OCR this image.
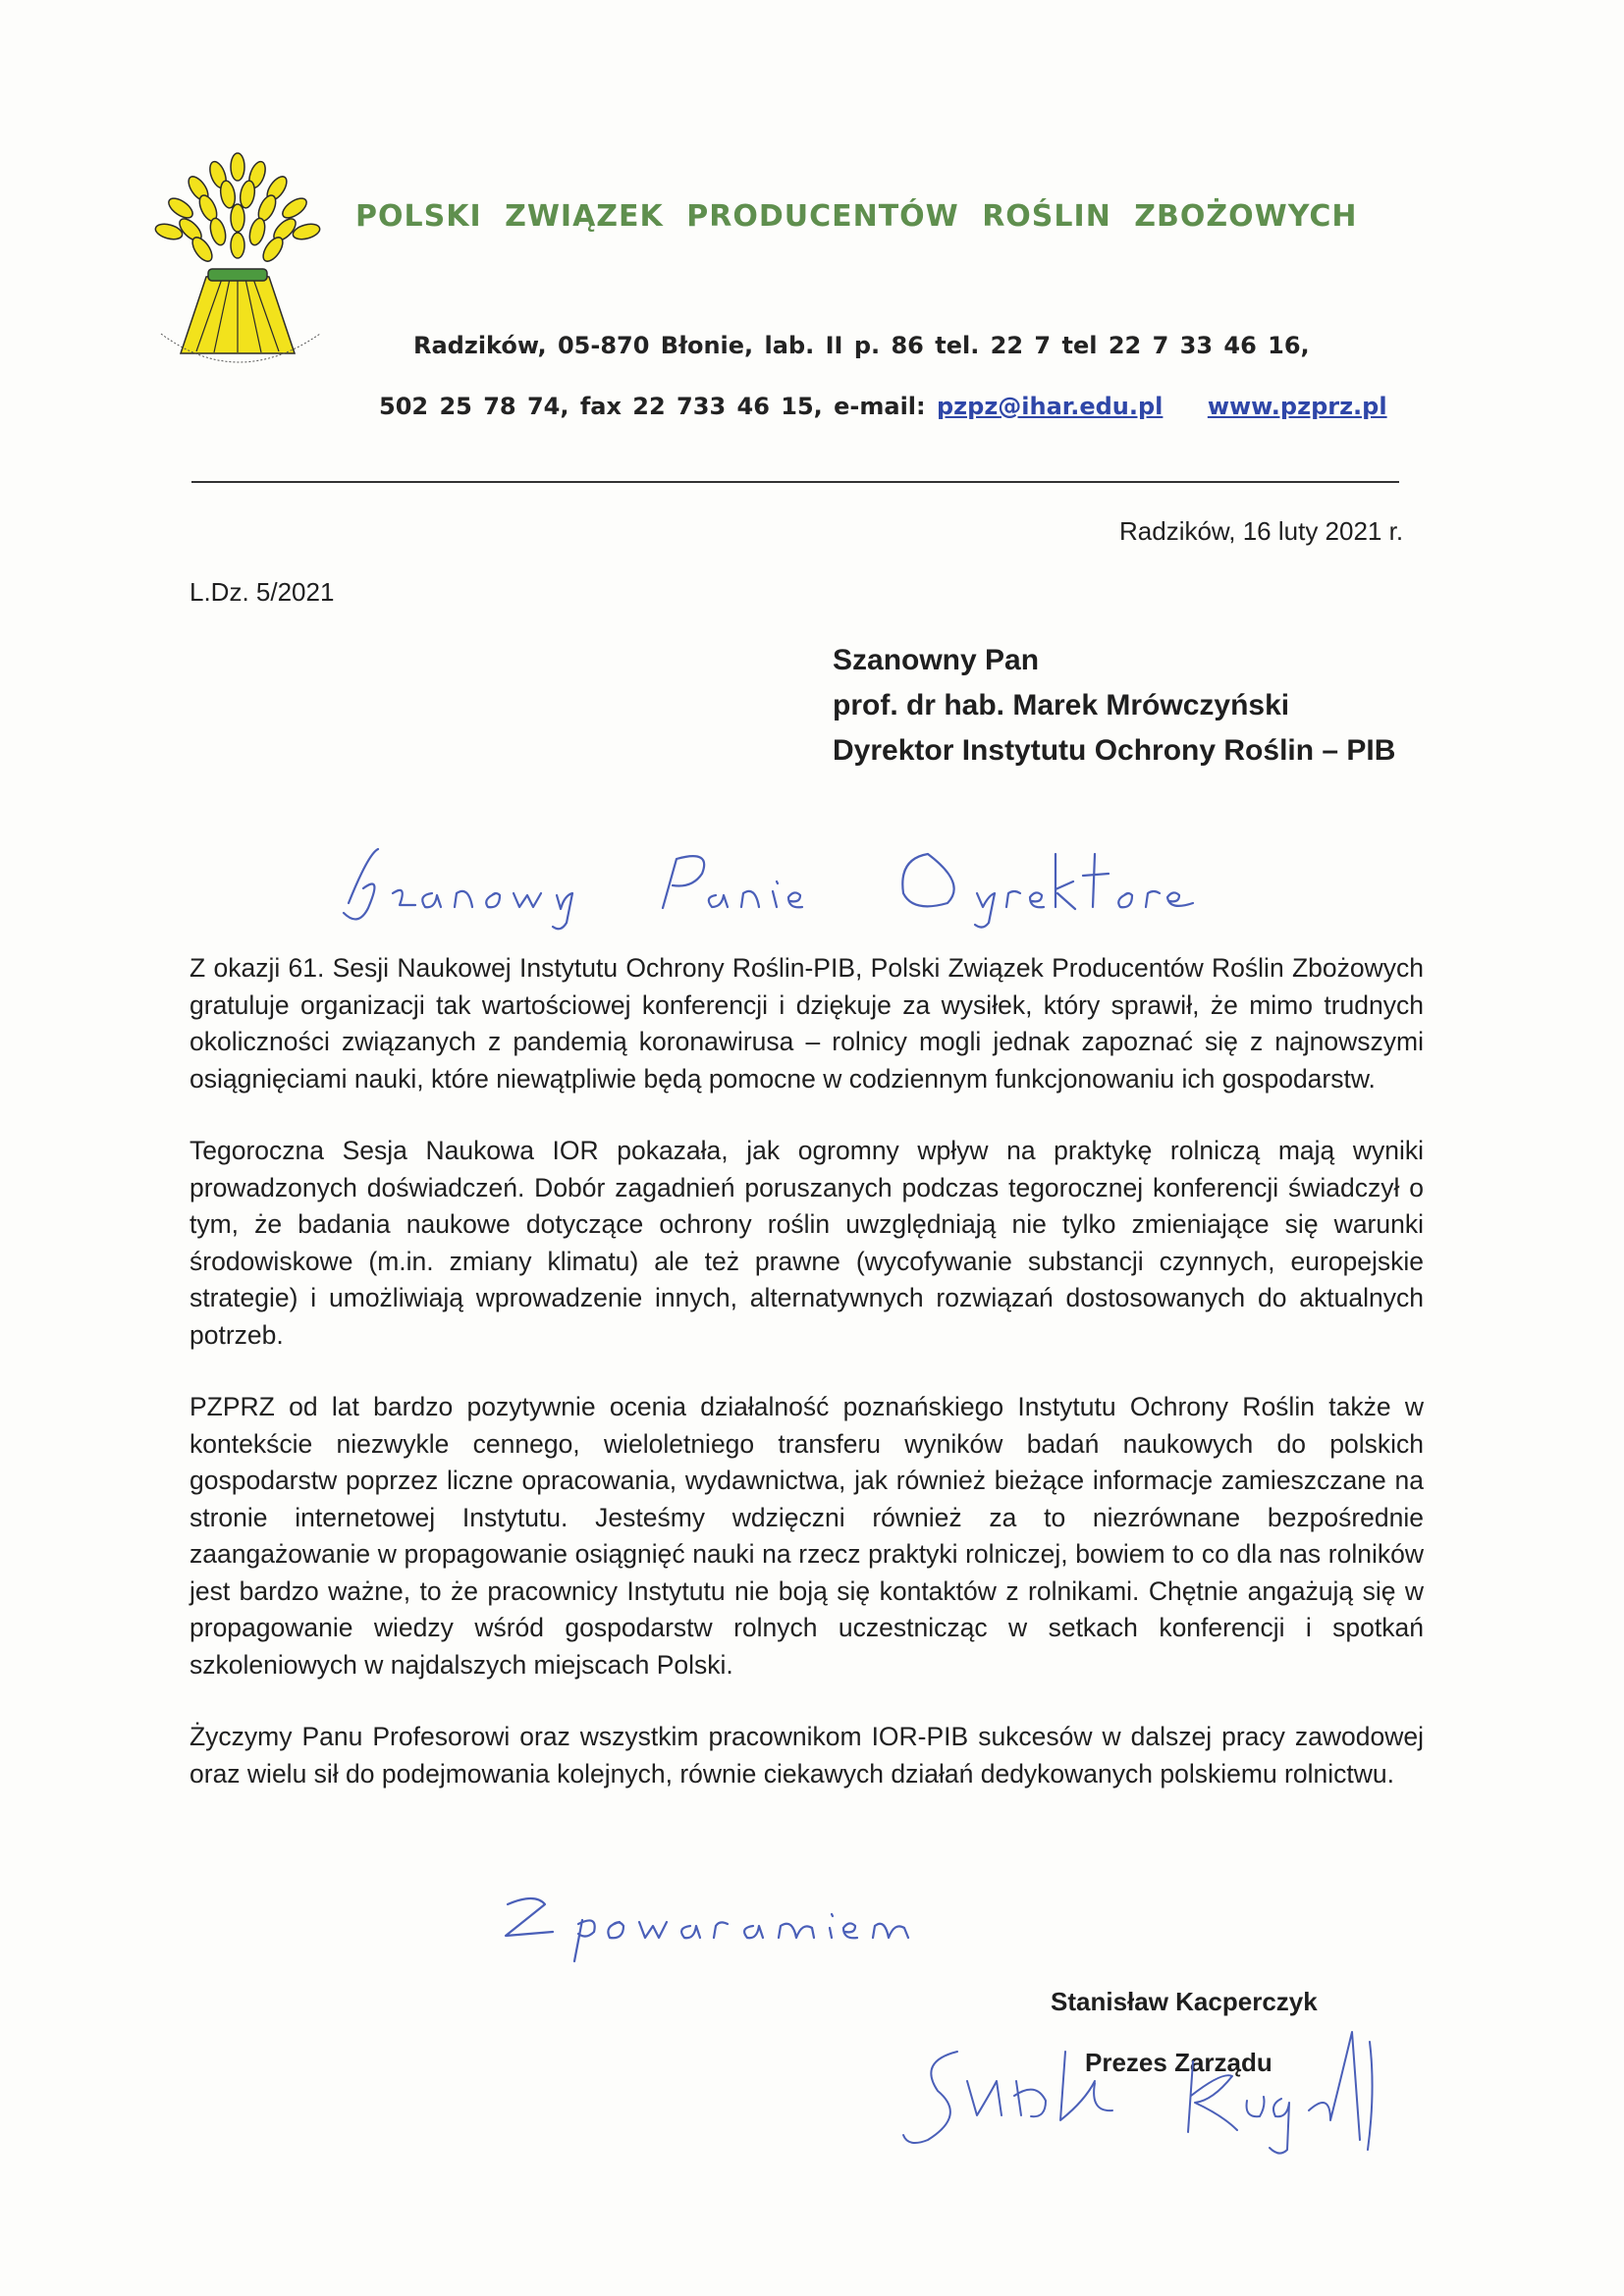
POLSKI ZWIĄZEK PRODUCENTÓW ROŚLIN ZBOŻOWYCH
Radzików, 05-870 Błonie, lab. II p. 86 tel. 22 7 tel 22 7 33 46 16,
502 25 78 74, fax 22 733 46 15, e-mail: pzpz@ihar.edu.pl www.pzprz.pl
Radzików, 16 luty 2021 r.
L.Dz. 5/2021
Szanowny Pan
prof. dr hab. Marek Mrówczyński
Dyrektor Instytutu Ochrony Roślin – PIB

Z okazji 61. Sesji Naukowej Instytutu Ochrony Roślin-PIB, Polski Związek Producentów Roślin Zbożowych gratuluje organizacji tak wartościowej konferencji i dziękuje za wysiłek, który sprawił, że mimo trudnych okoliczności związanych z pandemią koronawirusa – rolnicy mogli jednak zapoznać się z najnowszymi osiągnięciami nauki, które niewątpliwie będą pomocne w codziennym funkcjonowaniu ich gospodarstw.

Tegoroczna Sesja Naukowa IOR pokazała, jak ogromny wpływ na praktykę rolniczą mają wyniki prowadzonych doświadczeń. Dobór zagadnień poruszanych podczas tegorocznej konferencji świadczył o tym, że badania naukowe dotyczące ochrony roślin uwzględniają nie tylko zmieniające się warunki środowiskowe (m.in. zmiany klimatu) ale też prawne (wycofywanie substancji czynnych, europejskie strategie) i umożliwiają wprowadzenie innych, alternatywnych rozwiązań dostosowanych do aktualnych potrzeb.

PZPRZ od lat bardzo pozytywnie ocenia działalność poznańskiego Instytutu Ochrony Roślin także w kontekście niezwykle cennego, wieloletniego transferu wyników badań naukowych do polskich gospodarstw poprzez liczne opracowania, wydawnictwa, jak również bieżące informacje zamieszczane na stronie internetowej Instytutu. Jesteśmy wdzięczni również za to niezrównane bezpośrednie zaangażowanie w propagowanie osiągnięć nauki na rzecz praktyki rolniczej, bowiem to co dla nas rolników jest bardzo ważne, to że pracownicy Instytutu nie boją się kontaktów z rolnikami. Chętnie angażują się w propagowanie wiedzy wśród gospodarstw rolnych uczestnicząc w setkach konferencji i spotkań szkoleniowych w najdalszych miejscach Polski.

Życzymy Panu Profesorowi oraz wszystkim pracownikom IOR-PIB sukcesów w dalszej pracy zawodowej oraz wielu sił do podejmowania kolejnych, równie ciekawych działań dedykowanych polskiemu rolnictwu.

Stanisław Kacperczyk
Prezes Zarządu
